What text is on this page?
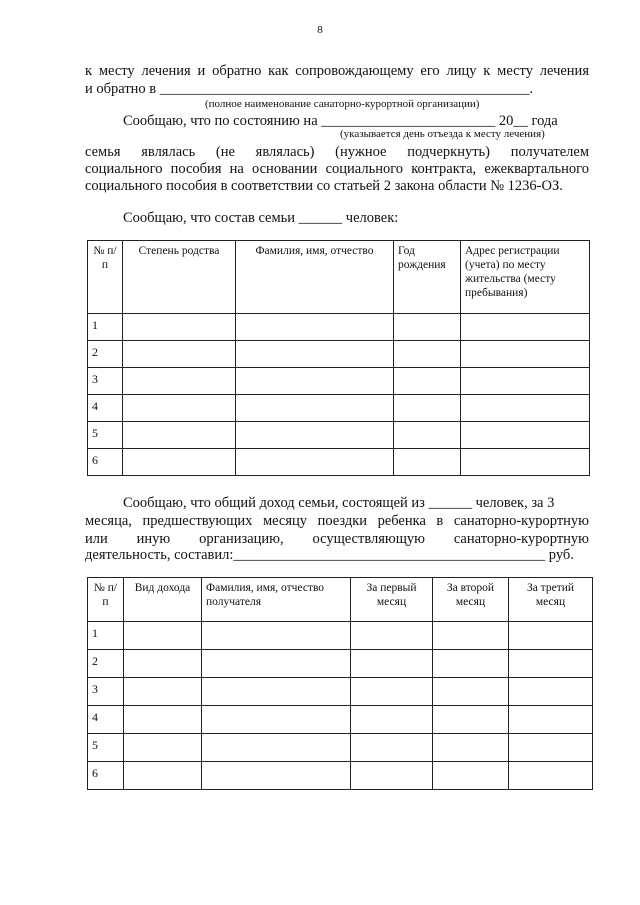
8
к месту лечения и обратно как сопровождающему его лицу к месту лечения
и обратно в ___________________________________________________.
(полное наименование санаторно-курортной организации)
Сообщаю, что по состоянию на ________________________ 20__ года
(указывается день отъезда к месту лечения)
семья являлась (не являлась) (нужное подчеркнуть) получателем
социального пособия на основании социального контракта, ежеквартального
социального пособия в соответствии со статьей 2 закона области № 1236-ОЗ.
Сообщаю, что состав семьи ______ человек:
№ п/п	Степень родства	Фамилия, имя, отчество	Год рождения	Адрес регистрации (учета) по месту жительства (месту пребывания)
1				
2				
3				
4				
5				
6				
Сообщаю, что общий доход семьи, состоящей из ______ человек, за 3
месяца, предшествующих месяцу поездки ребенка в санаторно-курортную
или иную организацию, осуществляющую санаторно-курортную
деятельность, составил:___________________________________________ руб.
№ п/п	Вид дохода	Фамилия, имя, отчество получателя	За первый месяц	За второй месяц	За третий месяц
1					
2					
3					
4					
5					
6					
